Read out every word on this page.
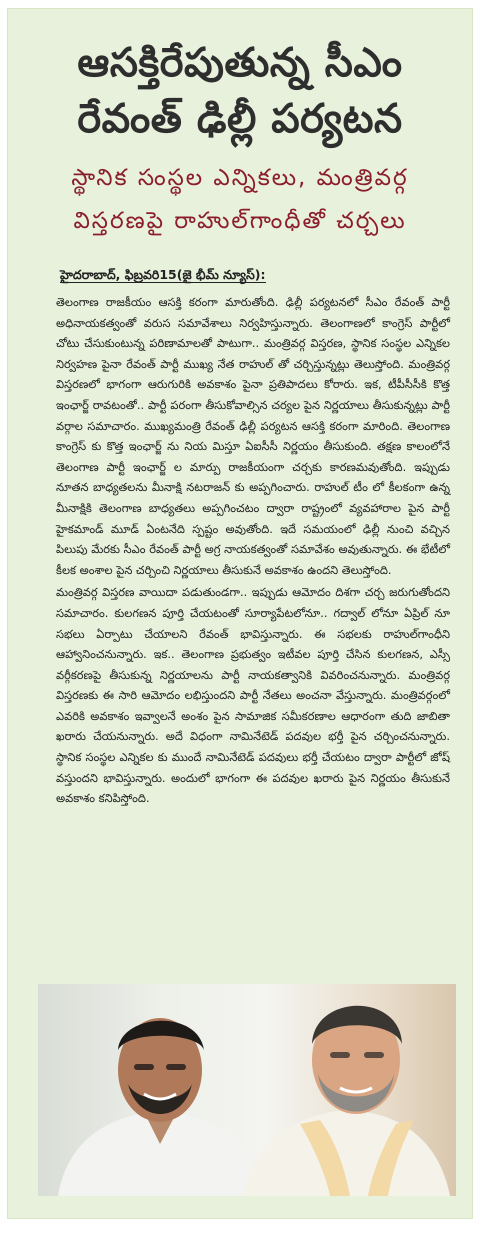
ఆసక్తిరేపుతున్న సీఎం
రేవంత్ ఢిల్లీ పర్యటన
స్థానిక సంస్థల ఎన్నికలు, మంత్రివర్గ
విస్తరణపై రాహుల్‌గాంధీతో చర్చలు
హైదరాబాద్, ఫిబ్రవరి15(జై భీమ్ న్యూస్):

తెలంగాణ రాజకీయం ఆసక్తి కరంగా మారుతోంది. ఢిల్లీ పర్యటనలో సీఎం రేవంత్ పార్టీ అధినాయకత్వంతో వరుస సమావేశాలు నిర్వహిస్తున్నారు. తెలంగాణలో కాంగ్రెస్ పార్టీలో చోటు చేసుకుంటున్న పరిణామాలతో పాటుగా.. మంత్రివర్గ విస్తరణ, స్థానిక సంస్థల ఎన్నికల నిర్వహణ పైనా రేవంత్ పార్టీ ముఖ్య నేత రాహుల్ తో చర్చిస్తున్నట్లు తెలుస్తోంది. మంత్రివర్గ విస్తరణలో భాగంగా ఆరుగురికి అవకాశం పైనా ప్రతిపాదలు కోరారు. ఇక, టీపీసీసీకి కొత్త ఇంఛార్జ్ రావటంతో.. పార్టీ పరంగా తీసుకోవాల్సిన చర్యల పైన నిర్ణయాలు తీసుకున్నట్లు పార్టీ వర్గాల సమాచారం. ముఖ్యమంత్రి రేవంత్ ఢిల్లీ పర్యటన ఆసక్తి కరంగా మారింది. తెలంగాణ కాంగ్రెస్ కు కొత్త ఇంఛార్జ్ ను నియ మిస్తూ ఏఐసీసీ నిర్ణయం తీసుకుంది. తక్షణ కాలంలోనే తెలంగాణ పార్టీ ఇంఛార్జ్ ల మార్పు రాజకీయంగా చర్చకు కారణమవుతోంది. ఇప్పుడు నూతన బాధ్యతలను మీనాక్షి నటరాజన్ కు అప్పగించారు. రాహుల్ టీం లో కీలకంగా ఉన్న మీనాక్షికి తెలంగాణ బాధ్యతలు అప్పగించటం ద్వారా రాష్ట్రంలో వ్యవహారాల పైన పార్టీ హైకమాండ్ మూడ్ ఏంటనేది స్పష్టం అవుతోంది. ఇదే సమయంలో ఢిల్లీ నుంచి వచ్చిన పిలుపు మేరకు సీఎం రేవంత్ పార్టీ అగ్ర నాయకత్వంతో సమావేశం అవుతున్నారు. ఈ భేటీలో కీలక అంశాల పైన చర్చించి నిర్ణయాలు తీసుకునే అవకాశం ఉందని తెలుస్తోంది.

మంత్రివర్గ విస్తరణ వాయిదా పడుతుండగా.. ఇప్పుడు ఆమోదం దిశగా చర్చ జరుగుతోందని సమాచారం. కులగణన పూర్తి చేయటంతో సూర్యాపేటలోనూ.. గద్వాల్ లోనూ ఏప్రిల్ నూ సభలు ఏర్పాటు చేయాలని రేవంత్ భావిస్తున్నారు. ఈ సభలకు రాహుల్‌గాంధీని ఆహ్వానించనున్నారు. ఇక.. తెలంగాణ ప్రభుత్వం ఇటీవల పూర్తి చేసిన కులగణన, ఎస్సీ వర్గీకరణపై తీసుకున్న నిర్ణయాలను పార్టీ నాయకత్వానికి వివరించనున్నారు. మంత్రివర్గ విస్తరణకు ఈ సారి ఆమోదం లభిస్తుందని పార్టీ నేతలు అంచనా వేస్తున్నారు. మంత్రివర్గంలో ఎవరికి అవకాశం ఇవ్వాలనే అంశం పైన సామాజిక సమీకరణాల ఆధారంగా తుది జాబితా ఖరారు చేయనున్నారు. అదే విధంగా నామినేటెడ్ పదవుల భర్తీ పైన చర్చించనున్నారు. స్థానిక సంస్థల ఎన్నికల కు ముందే నామినేటెడ్ పదవులు భర్తీ చేయటం ద్వారా పార్టీలో జోష్ వస్తుందని భావిస్తున్నారు. అందులో భాగంగా ఈ పదవుల ఖరారు పైన నిర్ణయం తీసుకునే అవకాశం కనిపిస్తోంది.
